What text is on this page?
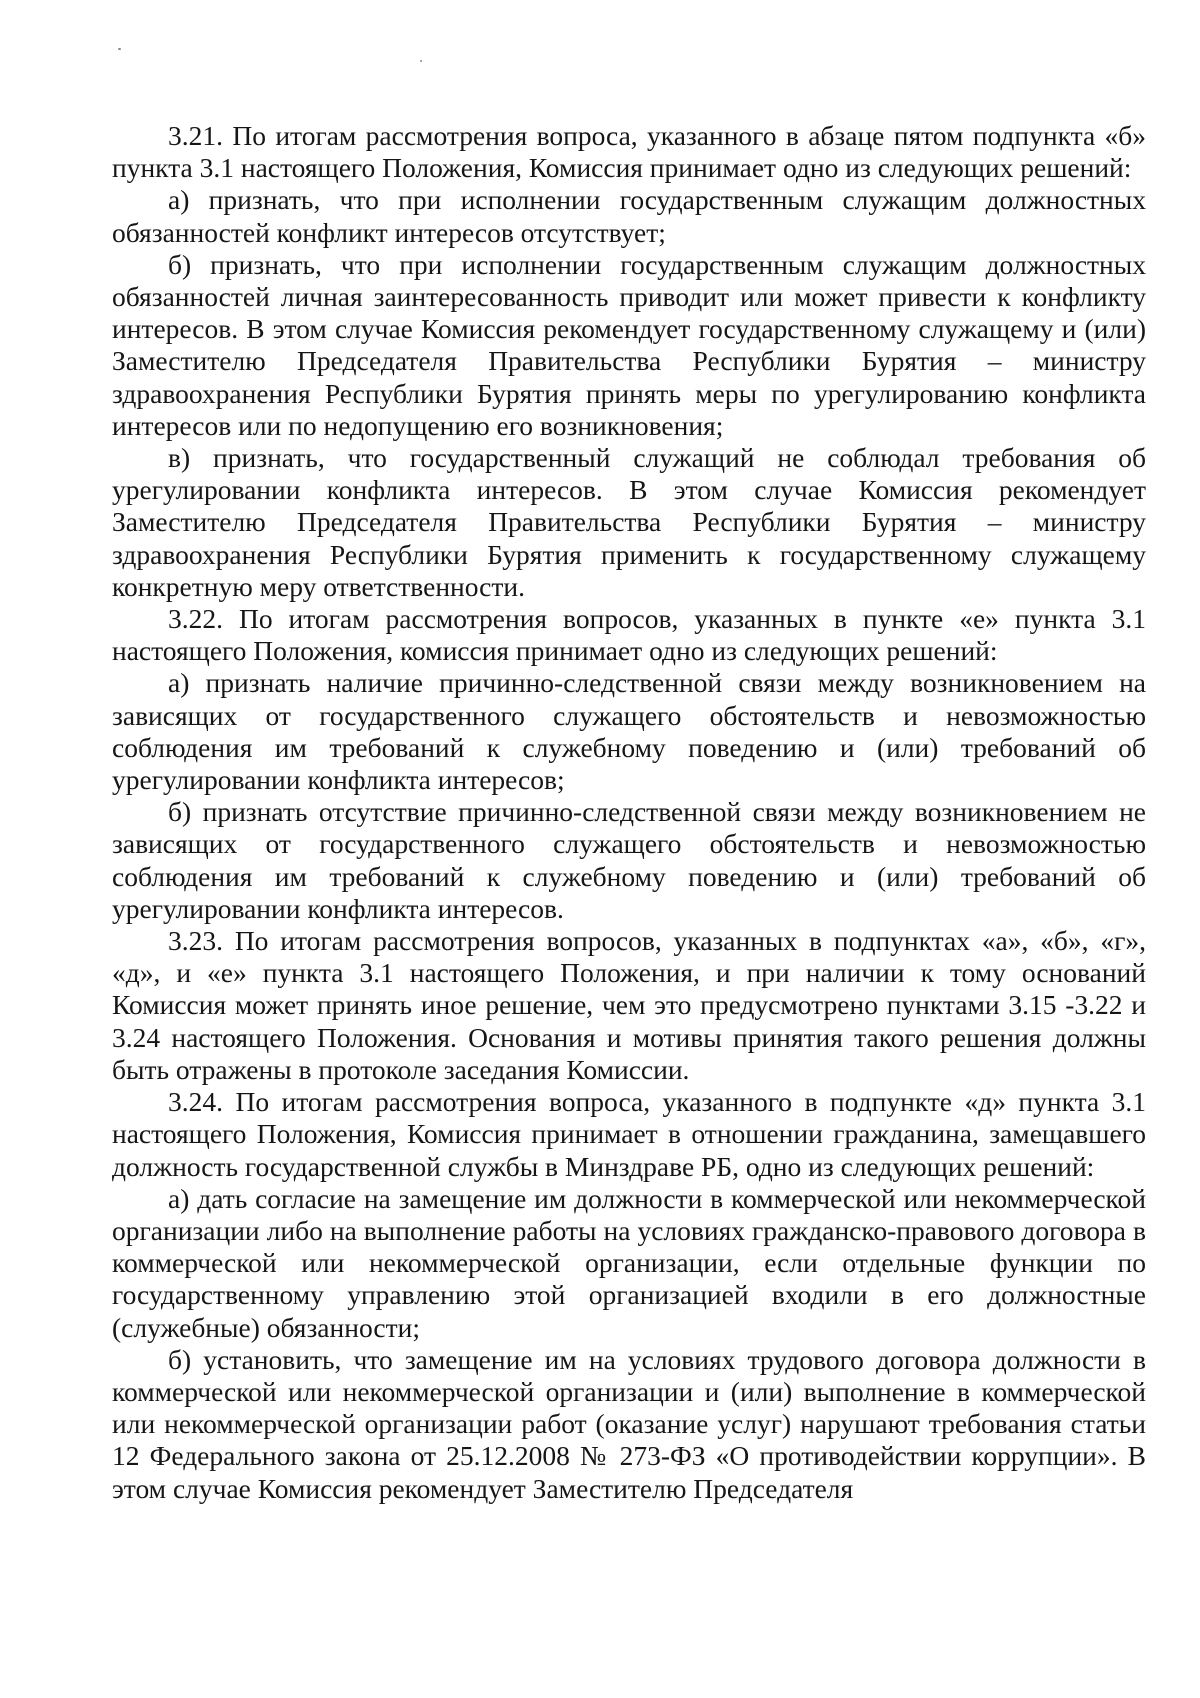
3.21. По итогам рассмотрения вопроса, указанного в абзаце пятом подпункта «б» пункта 3.1 настоящего Положения, Комиссия принимает одно из следующих решений:

а) признать, что при исполнении государственным служащим должностных обязанностей конфликт интересов отсутствует;

б) признать, что при исполнении государственным служащим должностных обязанностей личная заинтересованность приводит или может привести к конфликту интересов. В этом случае Комиссия рекомендует государственному служащему и (или) Заместителю Председателя Правительства Республики Бурятия – министру здравоохранения Республики Бурятия принять меры по урегулированию конфликта интересов или по недопущению его возникновения;

в) признать, что государственный служащий не соблюдал требования об урегулировании конфликта интересов. В этом случае Комиссия рекомендует Заместителю Председателя Правительства Республики Бурятия – министру здравоохранения Республики Бурятия применить к государственному служащему конкретную меру ответственности.

3.22. По итогам рассмотрения вопросов, указанных в пункте «е» пункта 3.1 настоящего Положения, комиссия принимает одно из следующих решений:

а) признать наличие причинно-следственной связи между возникновением на зависящих от государственного служащего обстоятельств и невозможностью соблюдения им требований к служебному поведению и (или) требований об урегулировании конфликта интересов;

б) признать отсутствие причинно-следственной связи между возникновением не зависящих от государственного служащего обстоятельств и невозможностью соблюдения им требований к служебному поведению и (или) требований об урегулировании конфликта интересов.

3.23. По итогам рассмотрения вопросов, указанных в подпунктах «а», «б», «г», «д», и «е» пункта 3.1 настоящего Положения, и при наличии к тому оснований Комиссия может принять иное решение, чем это предусмотрено пунктами 3.15 -3.22 и 3.24 настоящего Положения. Основания и мотивы принятия такого решения должны быть отражены в протоколе заседания Комиссии.

3.24. По итогам рассмотрения вопроса, указанного в подпункте «д» пункта 3.1 настоящего Положения, Комиссия принимает в отношении гражданина, замещавшего должность государственной службы в Минздраве РБ, одно из следующих решений:

а) дать согласие на замещение им должности в коммерческой или некоммерческой организации либо на выполнение работы на условиях гражданско-правового договора в коммерческой или некоммерческой организации, если отдельные функции по государственному управлению этой организацией входили в его должностные (служебные) обязанности;

б) установить, что замещение им на условиях трудового договора должности в коммерческой или некоммерческой организации и (или) выполнение в коммерческой или некоммерческой организации работ (оказание услуг) нарушают требования статьи 12 Федерального закона от 25.12.2008 № 273-ФЗ «О противодействии коррупции». В этом случае Комиссия рекомендует Заместителю Председателя
